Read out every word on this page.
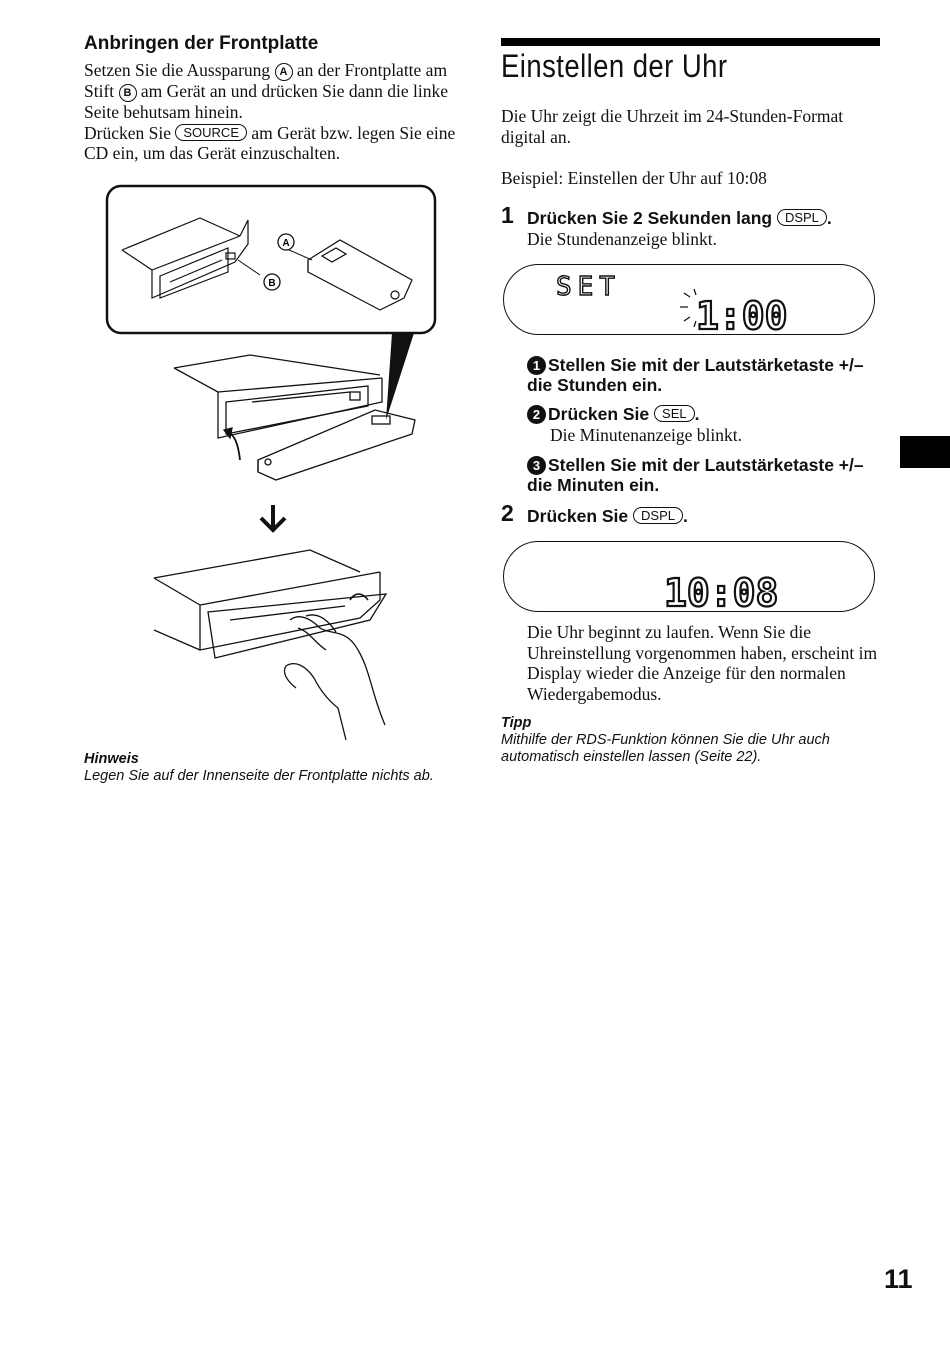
Anbringen der Frontplatte

Setzen Sie die Aussparung A an der Frontplatte am Stift B am Gerät an und drücken Sie dann die linke Seite behutsam hinein.
Drücken Sie SOURCE am Gerät bzw. legen Sie eine CD ein, um das Gerät einzuschalten.

A
B
Hinweis
Legen Sie auf der Innenseite der Frontplatte nichts ab.
Einstellen der Uhr

Die Uhr zeigt die Uhrzeit im 24-Stunden-Format digital an.

Beispiel: Einstellen der Uhr auf 10:08

1 Drücken Sie 2 Sekunden lang DSPL .
Die Stundenanzeige blinkt.
SET
1:00
1 Stellen Sie mit der Lautstärketaste +/– die Stunden ein.
2 Drücken Sie SEL .
Die Minutenanzeige blinkt.
3 Stellen Sie mit der Lautstärketaste +/– die Minuten ein.
2 Drücken Sie DSPL .
10:08

Die Uhr beginnt zu laufen. Wenn Sie die Uhreinstellung vorgenommen haben, erscheint im Display wieder die Anzeige für den normalen Wiedergabemodus.

Tipp

Mithilfe der RDS-Funktion können Sie die Uhr auch automatisch einstellen lassen (Seite 22).

11
